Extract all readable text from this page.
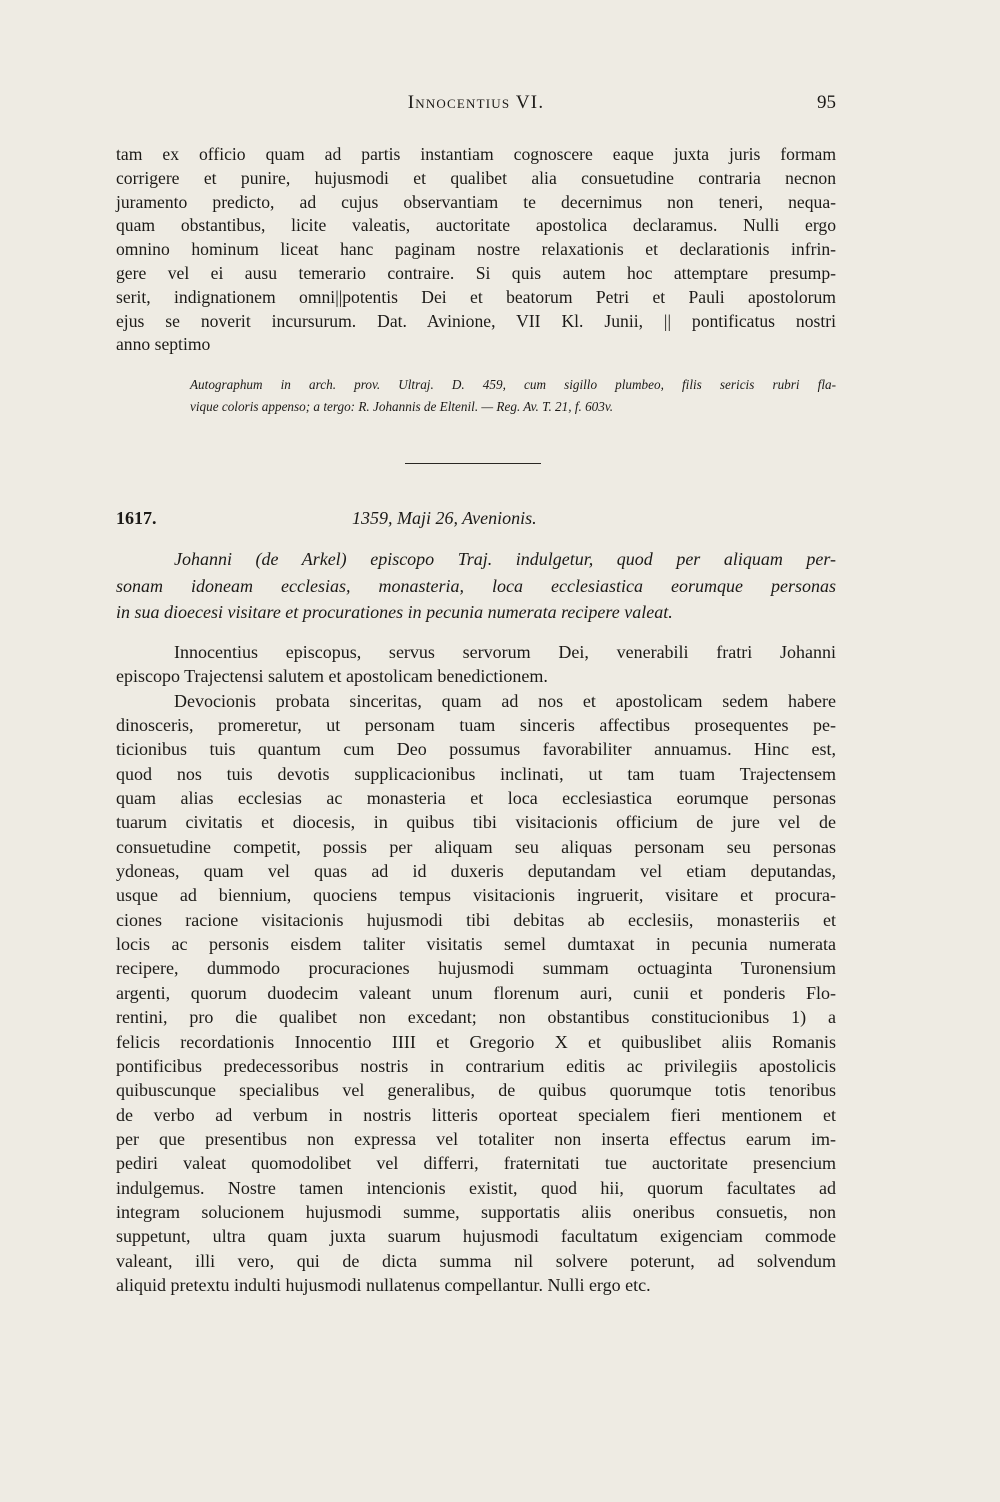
Innocentius VI.	95
tam ex officio quam ad partis instantiam cognoscere eaque juxta juris formam
corrigere et punire, hujusmodi et qualibet alia consuetudine contraria necnon
juramento predicto, ad cujus observantiam te decernimus non teneri, nequa-
quam obstantibus, licite valeatis, auctoritate apostolica declaramus. Nulli ergo
omnino hominum liceat hanc paginam nostre relaxationis et declarationis infrin-
gere vel ei ausu temerario contraire. Si quis autem hoc attemptare presump-
serit, indignationem omni||potentis Dei et beatorum Petri et Pauli apostolorum
ejus se noverit incursurum. Dat. Avinione, VII Kl. Junii, || pontificatus nostri
anno septimo
Autographum in arch. prov. Ultraj. D. 459, cum sigillo plumbeo, filis sericis rubri fla-
vique coloris appenso; a tergo: R. Johannis de Eltenil. — Reg. Av. T. 21, f. 603v.
1617.	1359, Maji 26, Avenionis.
Johanni (de Arkel) episcopo Traj. indulgetur, quod per aliquam per-
sonam idoneam ecclesias, monasteria, loca ecclesiastica eorumque personas
in sua dioecesi visitare et procurationes in pecunia numerata recipere valeat.
Innocentius episcopus, servus servorum Dei, venerabili fratri Johanni
episcopo Trajectensi salutem et apostolicam benedictionem.
Devocionis probata sinceritas, quam ad nos et apostolicam sedem habere
dinosceris, promeretur, ut personam tuam sinceris affectibus prosequentes pe-
ticionibus tuis quantum cum Deo possumus favorabiliter annuamus. Hinc est,
quod nos tuis devotis supplicacionibus inclinati, ut tam tuam Trajectensem
quam alias ecclesias ac monasteria et loca ecclesiastica eorumque personas
tuarum civitatis et diocesis, in quibus tibi visitacionis officium de jure vel de
consuetudine competit, possis per aliquam seu aliquas personam seu personas
ydoneas, quam vel quas ad id duxeris deputandam vel etiam deputandas,
usque ad biennium, quociens tempus visitacionis ingruerit, visitare et procura-
ciones racione visitacionis hujusmodi tibi debitas ab ecclesiis, monasteriis et
locis ac personis eisdem taliter visitatis semel dumtaxat in pecunia numerata
recipere, dummodo procuraciones hujusmodi summam octuaginta Turonensium
argenti, quorum duodecim valeant unum florenum auri, cunii et ponderis Flo-
rentini, pro die qualibet non excedant; non obstantibus constitucionibus 1) a
felicis recordationis Innocentio IIII et Gregorio X et quibuslibet aliis Romanis
pontificibus predecessoribus nostris in contrarium editis ac privilegiis apostolicis
quibuscunque specialibus vel generalibus, de quibus quorumque totis tenoribus
de verbo ad verbum in nostris litteris oporteat specialem fieri mentionem et
per que presentibus non expressa vel totaliter non inserta effectus earum im-
pediri valeat quomodolibet vel differri, fraternitati tue auctoritate presencium
indulgemus. Nostre tamen intencionis existit, quod hii, quorum facultates ad
integram solucionem hujusmodi summe, supportatis aliis oneribus consuetis, non
suppetunt, ultra quam juxta suarum hujusmodi facultatum exigenciam commode
valeant, illi vero, qui de dicta summa nil solvere poterunt, ad solvendum
aliquid pretextu indulti hujusmodi nullatenus compellantur. Nulli ergo etc.
